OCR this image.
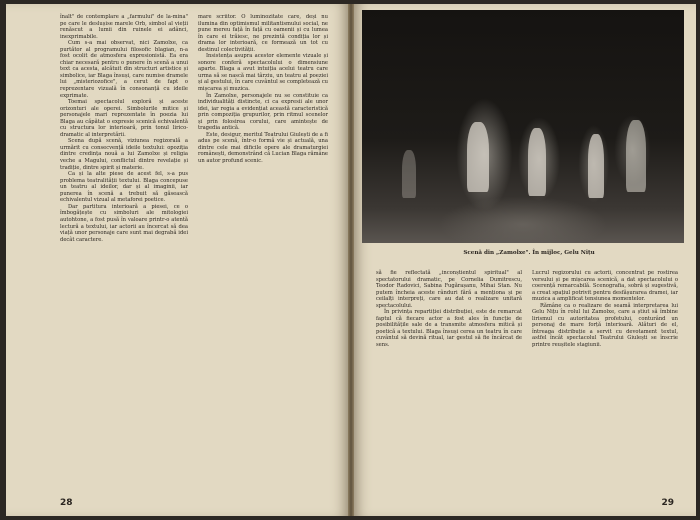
înalt" de contemplare a „farmului" de la-mina" pe care le deslușise marele Orb, simbol al vieții renăscut a lumii din ruinele ei adânci, inexprimabile.

Cum s-a mai observat, nici Zamolxe, ca purtător al programului filosofic blagian, n-a fost ocolit de atmosfera expresionistă. Ea era chiar necesară pentru o punere în scenă a unui text ca acesta, alcătuit din structuri artistice și simbolice, iar Blaga însuși, care numise dramele lui „misteriozofice", a cerut de fapt o reprezentare vizuală în consonanță cu ideile exprimate.

Toemai spectacolul exploră și aceste orizonturi ale operei. Simbolurile mitice și personajele mari reprezentate în poezia lui Blaga au căpătat o expresie scenică echivalentă cu structura lor interioară, prin tonul lirico-dramatic al interpretării.

Scena după scenă, viziunea regizorală a urmărit cu consecvență ideile textului: opoziția dintre credința nouă a lui Zamolxe și religia veche a Magului, conflictul dintre revelație și tradiție, dintre spirit și materie.

Ca și la alte piese de acest fel, s-a pus problema teatralității textului. Blaga concepuse un teatru al ideilor, dar și al imaginii, iar punerea în scenă a trebuit să găsească echivalentul vizual al metaforei poetice.

Dar partitura interioară a piesei, ce o îmbogățește cu simboluri ale mitologiei autohtone, a fost pusă în valoare printr-o atentă lectură a textului, iar actorii au încercat să dea viață unor personaje care sunt mai degrabă idei decât caractere.

mare scriitor. O luminozitate care, deși nu ilumina din optimismul militantismului social, ne pune mereu față în față cu oamenii și cu lumea în care ei trăiesc, ne prezintă condiția lor și drama lor interioară, ce formează un tot cu destinul colectivității.

Insistența asupra acestor elemente vizuale și sonore conferă spectacolului o dimensiune aparte. Blaga a avut intuiția acelui teatru care urma să se nască mai târziu, un teatru al poeziei și al gestului, în care cuvântul se completează cu mișcarea și muzica.

În Zamolxe, personajele nu se constituie ca individualități distincte, ci ca expresii ale unor idei, iar regia a evidențiat această caracteristică prin compoziția grupurilor, prin ritmul scenelor și prin folosirea corului, care amintește de tragedia antică.

Este, desigur, meritul Teatrului Giulești de a fi adus pe scenă, într-o formă vie și actuală, una dintre cele mai dificile opere ale dramaturgiei românești, demonstrând că Lucian Blaga rămâne un autor profund scenic.

28
Scenă din „Zamolxe". În mijloc, Gelu Nițu

să fie reflectată „inconștientul spiritual" al spectatorului dramatic, pe Cornelia Dumitrescu, Teodor Radovici, Sabina Fugărașanu, Mihai Stan. Nu putem încheia aceste rânduri fără a menționa și pe ceilalți interpreți, care au dat o realizare unitară spectacolului.

În privința repartiției distribuției, este de remarcat faptul că fiecare actor a fost ales în funcție de posibilitățile sale de a transmite atmosfera mitică și poetică a textului. Blaga însuși cerea un teatru în care cuvântul să devină ritual, iar gestul să fie încărcat de sens.

Lucrul regizorului cu actorii, concentrat pe rostirea versului și pe mișcarea scenică, a dat spectacolului o coerență remarcabilă. Scenografia, sobră și sugestivă, a creat spațiul potrivit pentru desfășurarea dramei, iar muzica a amplificat tensiunea momentelor.

Rămâne ca o realizare de seamă interpretarea lui Gelu Nițu în rolul lui Zamolxe, care a știut să îmbine lirismul cu autoritatea profetului, conturând un personaj de mare forță interioară. Alături de el, întreaga distribuție a servit cu devotament textul, astfel încât spectacolul Teatrului Giulești se înscrie printre reușitele stagiunii.

29
